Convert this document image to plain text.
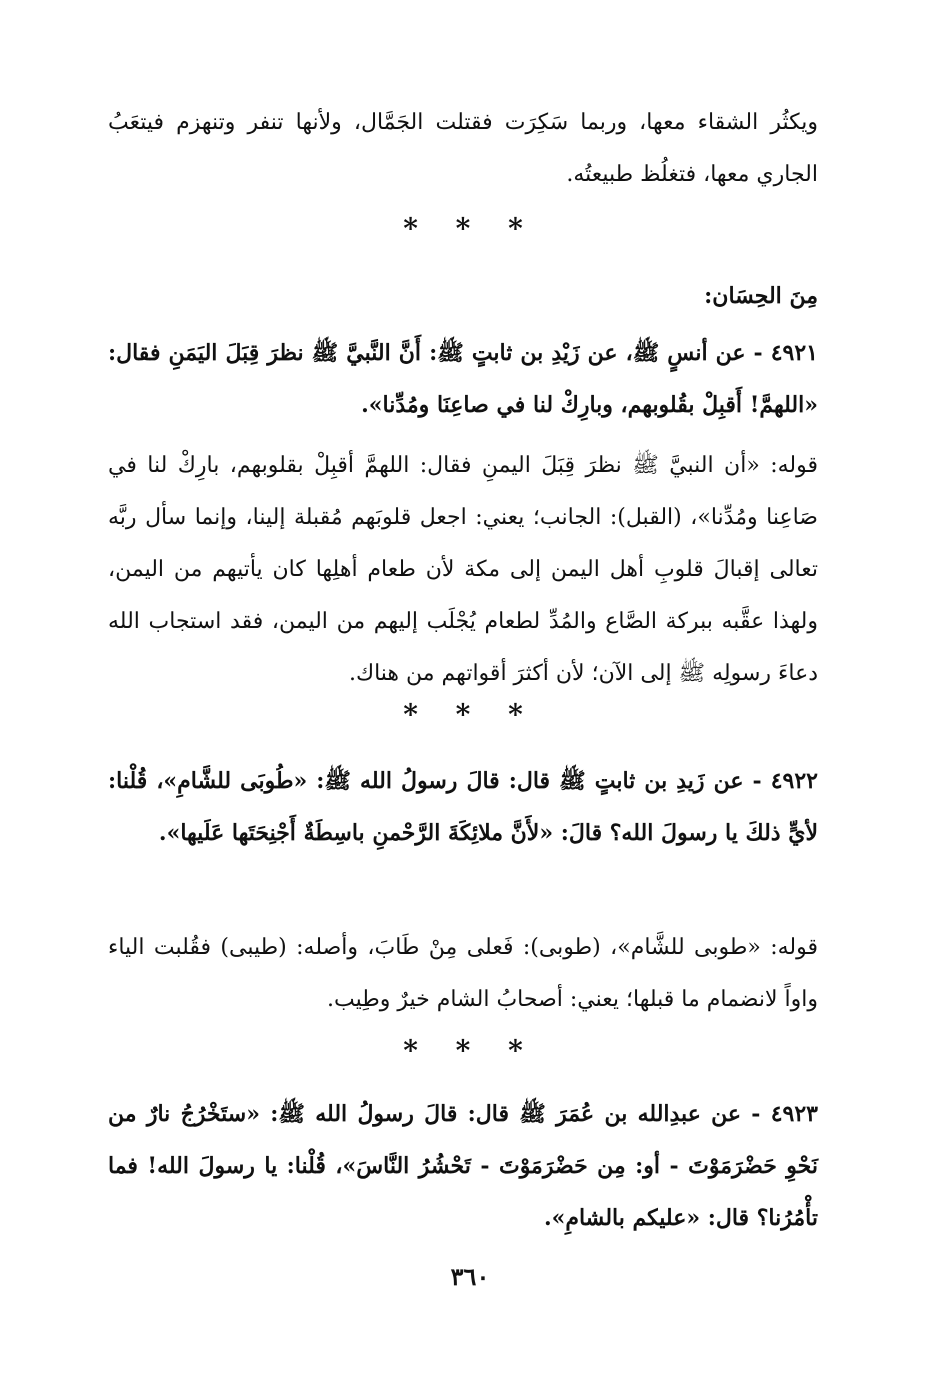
ويكثُر الشقاء معها، وربما سَكِرَت فقتلت الجَمَّال، ولأنها تنفر وتنهزم فيتعَبُ الجاري معها، فتغلُظ طبيعتُه.

* * *
مِنَ الحِسَان:

٤٩٢١ - عن أنسٍ ﷺ، عن زَيْدِ بن ثابتٍ ﷺ: أَنَّ النَّبيَّ ﷺ نظرَ قِبَلَ اليَمَنِ فقال: «اللهمَّ! أَقبِلْ بقُلوبهم، وبارِكْ لنا في صاعِنَا ومُدِّنا».

قوله: «أن النبيَّ ﷺ نظرَ قِبَلَ اليمنِ فقال: اللهمَّ أقبِلْ بقلوبهم، بارِكْ لنا في صَاعِنا ومُدِّنا»، (القبل): الجانب؛ يعني: اجعل قلوبَهم مُقبلة إلينا، وإنما سأل ربَّه تعالى إقبالَ قلوبِ أهل اليمن إلى مكة لأن طعام أهلِها كان يأتيهم من اليمن، ولهذا عقَّبه ببركة الصَّاع والمُدِّ لطعام يُجْلَب إليهم من اليمن، فقد استجاب الله دعاءَ رسولِه ﷺ إلى الآن؛ لأن أكثرَ أقواتهم من هناك.

* * *

٤٩٢٢ - عن زَيدِ بن ثابتٍ ﷺ قال: قالَ رسولُ الله ﷺ: «طُوبَى للشَّامِ»، قُلْنا: لأيٍّ ذلكَ يا رسولَ الله؟ قالَ: «لأَنَّ ملائِكَةَ الرَّحْمنِ باسِطَةٌ أَجْنِحَتَها عَلَيها».

قوله: «طوبى للشَّام»، (طوبى): فَعلى مِنْ طَابَ، وأصله: (طيبى) فقُلبت الياء واواً لانضمام ما قبلها؛ يعني: أصحابُ الشام خيرٌ وطِيب.

* * *

٤٩٢٣ - عن عبدِالله بن عُمَرَ ﷺ قال: قالَ رسولُ الله ﷺ: «ستَخْرُجُ نارٌ من نَحْوِ حَضْرَمَوْتَ - أو: مِن حَضْرَمَوْتَ - تَحْشُرُ النَّاسَ»، قُلْنا: يا رسولَ الله! فما تأْمُرُنا؟ قال: «عليكم بالشامِ».

٣٦٠
